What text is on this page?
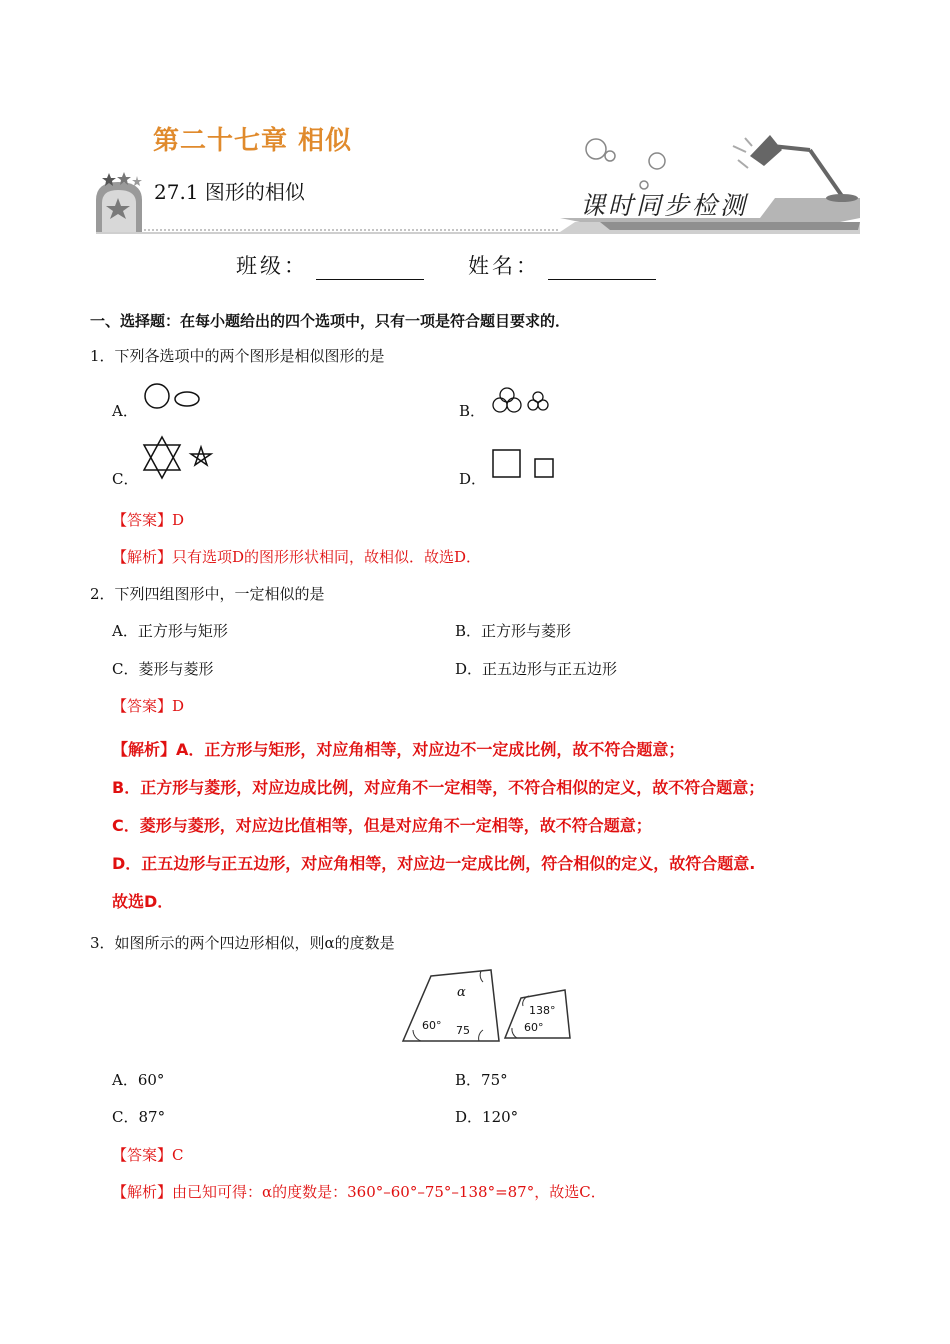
第二十七章 相似
27.1 图形的相似	课时同步检测
班级：	姓名：
一、选择题：在每小题给出的四个选项中，只有一项是符合题目要求的．
1．下列各选项中的两个图形是相似图形的是
A．	B．
C．	D．
【答案】D
【解析】只有选项D的图形形状相同，故相似．故选D．
2．下列四组图形中，一定相似的是
A．正方形与矩形	B．正方形与菱形
C．菱形与菱形	D．正五边形与正五边形
【答案】D
【解析】A．正方形与矩形，对应角相等，对应边不一定成比例，故不符合题意；
B．正方形与菱形，对应边成比例，对应角不一定相等，不符合相似的定义，故不符合题意；
C．菱形与菱形，对应边比值相等，但是对应角不一定相等，故不符合题意；
D．正五边形与正五边形，对应角相等，对应边一定成比例，符合相似的定义，故符合题意.
故选D．
3．如图所示的两个四边形相似，则α的度数是
α
60° 75
138°
60°
A．60°	B．75°
C．87°	D．120°
【答案】C
【解析】由已知可得：α的度数是：360°–60°–75°–138°=87°，故选C．
